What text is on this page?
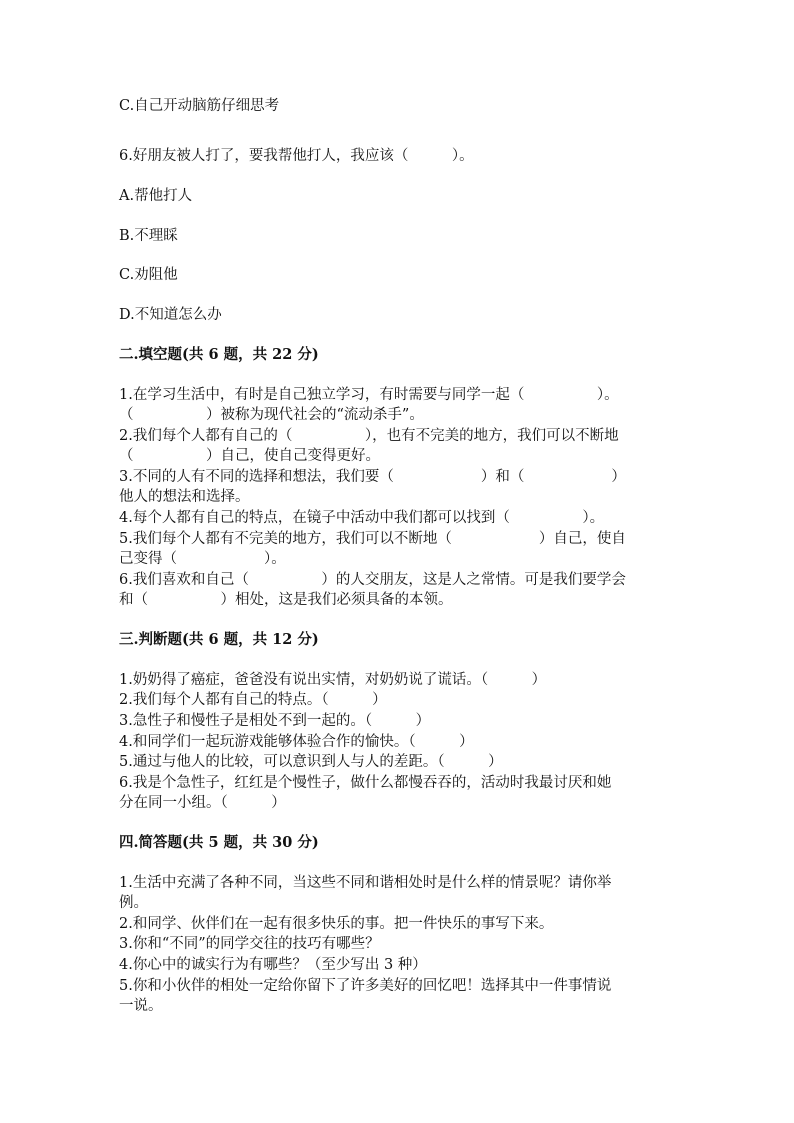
C.自己开动脑筋仔细思考
6.好朋友被人打了，要我帮他打人，我应该（　　　）。
A.帮他打人
B.不理睬
C.劝阻他
D.不知道怎么办
二.填空题(共 6 题，共 22 分)
1.在学习生活中，有时是自己独立学习，有时需要与同学一起（　　　　　）。
（　　　　　）被称为现代社会的“流动杀手”。
2.我们每个人都有自己的（　　　　　），也有不完美的地方，我们可以不断地
（　　　　　）自己，使自己变得更好。
3.不同的人有不同的选择和想法，我们要（　　　　　　）和（　　　　　　）
他人的想法和选择。
4.每个人都有自己的特点，在镜子中活动中我们都可以找到（　　　　　）。
5.我们每个人都有不完美的地方，我们可以不断地（　　　　　　）自己，使自
己变得（　　　　　　）。
6.我们喜欢和自己（　　　　　）的人交朋友，这是人之常情。可是我们要学会
和（　　　　　）相处，这是我们必须具备的本领。
三.判断题(共 6 题，共 12 分)
1.奶奶得了癌症，爸爸没有说出实情，对奶奶说了谎话。（　　　）
2.我们每个人都有自己的特点。（　　　）
3.急性子和慢性子是相处不到一起的。（　　　）
4.和同学们一起玩游戏能够体验合作的愉快。（　　　）
5.通过与他人的比较，可以意识到人与人的差距。（　　　）
6.我是个急性子，红红是个慢性子，做什么都慢吞吞的，活动时我最讨厌和她
分在同一小组。（　　　）
四.简答题(共 5 题，共 30 分)
1.生活中充满了各种不同，当这些不同和谐相处时是什么样的情景呢？请你举
例。
2.和同学、伙伴们在一起有很多快乐的事。把一件快乐的事写下来。
3.你和“不同”的同学交往的技巧有哪些？
4.你心中的诚实行为有哪些？（至少写出 3 种）
5.你和小伙伴的相处一定给你留下了许多美好的回忆吧！选择其中一件事情说
一说。
